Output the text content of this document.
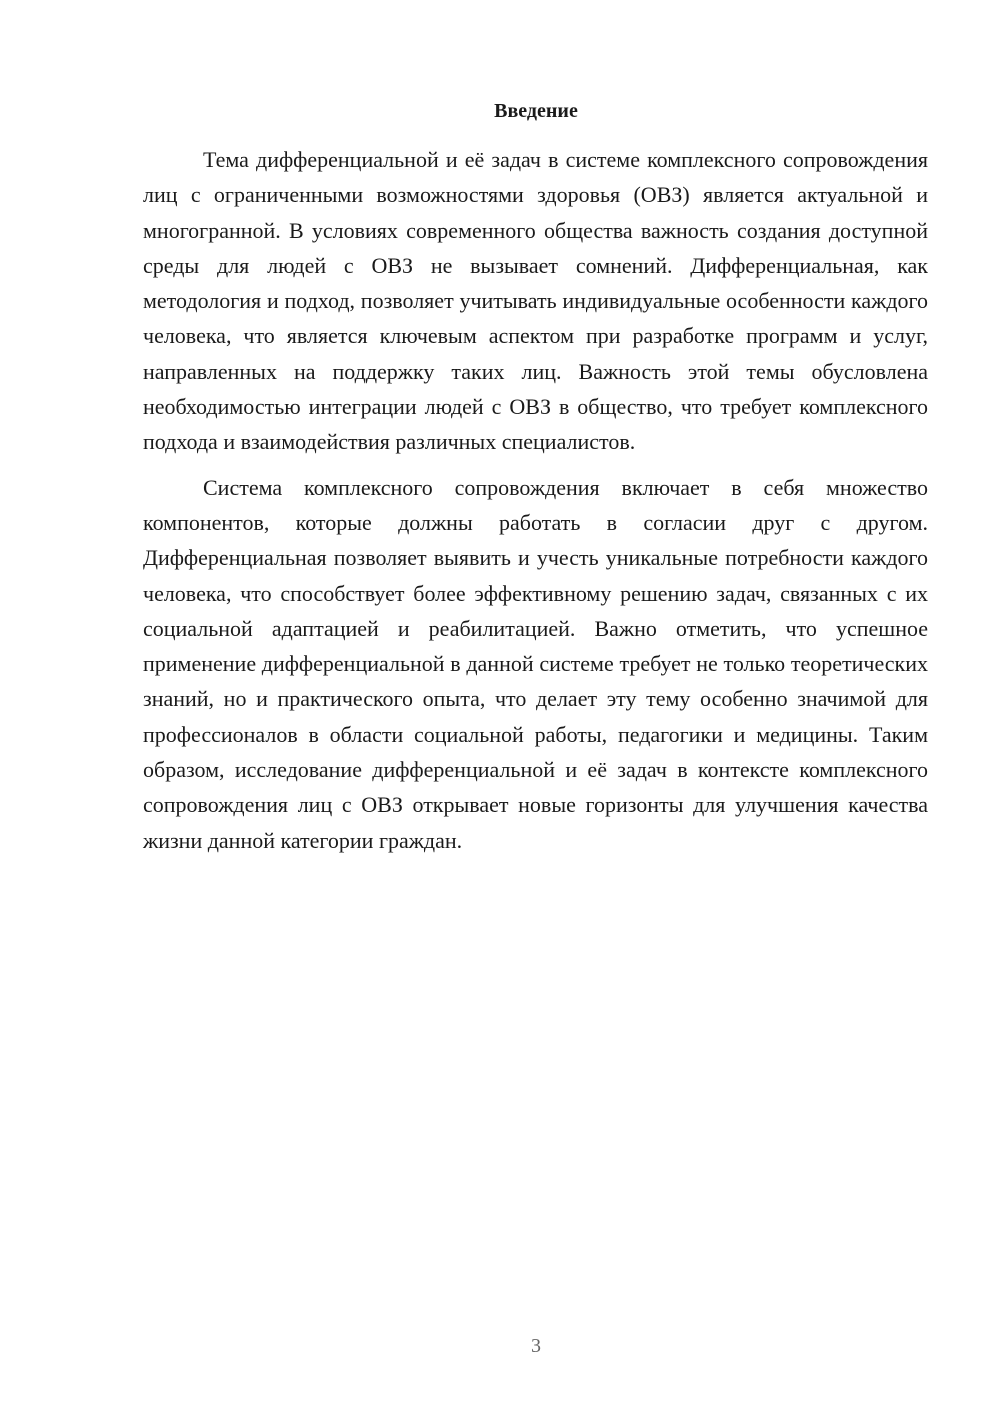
Введение

Тема дифференциальной и её задач в системе комплексного сопровождения лиц с ограниченными возможностями здоровья (ОВЗ) является актуальной и многогранной. В условиях современного общества важность создания доступной среды для людей с ОВЗ не вызывает сомнений. Дифференциальная, как методология и подход, позволяет учитывать индивидуальные особенности каждого человека, что является ключевым аспектом при разработке программ и услуг, направленных на поддержку таких лиц. Важность этой темы обусловлена необходимостью интеграции людей с ОВЗ в общество, что требует комплексного подхода и взаимодействия различных специалистов.

Система комплексного сопровождения включает в себя множество компонентов, которые должны работать в согласии друг с другом. Дифференциальная позволяет выявить и учесть уникальные потребности каждого человека, что способствует более эффективному решению задач, связанных с их социальной адаптацией и реабилитацией. Важно отметить, что успешное применение дифференциальной в данной системе требует не только теоретических знаний, но и практического опыта, что делает эту тему особенно значимой для профессионалов в области социальной работы, педагогики и медицины. Таким образом, исследование дифференциальной и её задач в контексте комплексного сопровождения лиц с ОВЗ открывает новые горизонты для улучшения качества жизни данной категории граждан.

3
